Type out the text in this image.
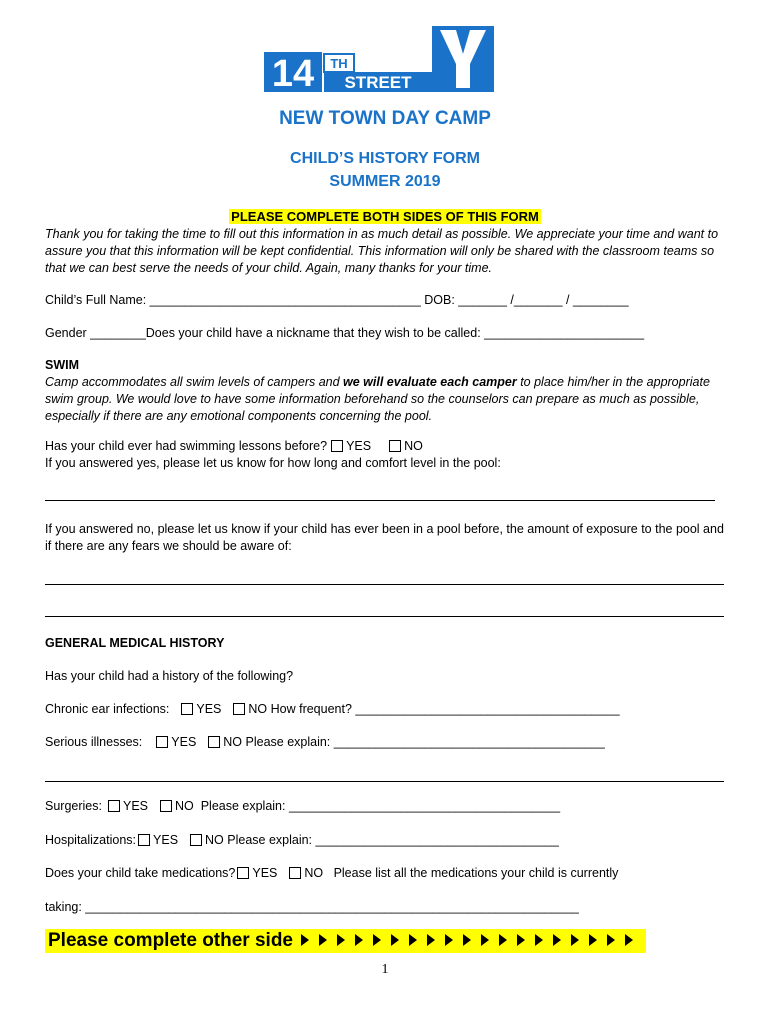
14 TH
STREET
NEW TOWN DAY CAMP
CHILD’S HISTORY FORM
SUMMER 2019
PLEASE COMPLETE BOTH SIDES OF THIS FORM
Thank you for taking the time to fill out this information in as much detail as possible. We appreciate your time and want to assure you that this information will be kept confidential. This information will only be shared with the classroom teams so that we can best serve the needs of your child. Again, many thanks for your time.
Child’s Full Name: _______________________________________ DOB: _______ /_______ / ________
Gender ________Does your child have a nickname that they wish to be called: _______________________
SWIM
Camp accommodates all swim levels of campers and we will evaluate each camper to place him/her in the appropriate swim group. We would love to have some information beforehand so the counselors can prepare as much as possible, especially if there are any emotional components concerning the pool.
Has your child ever had swimming lessons before? YES	NO
If you answered yes, please let us know for how long and comfort level in the pool:
If you answered no, please let us know if your child has ever been in a pool before, the amount of exposure to the pool and if there are any fears we should be aware of:
GENERAL MEDICAL HISTORY
Has your child had a history of the following?
Chronic ear infections: YES NO How frequent? ______________________________________
Serious illnesses: YES NO Please explain: _______________________________________
Surgeries: YES NO Please explain: _______________________________________
Hospitalizations: YES NO Please explain: ___________________________________
Does your child take medications? YES NO Please list all the medications your child is currently
taking: _______________________________________________________________________
Please complete other side
1
